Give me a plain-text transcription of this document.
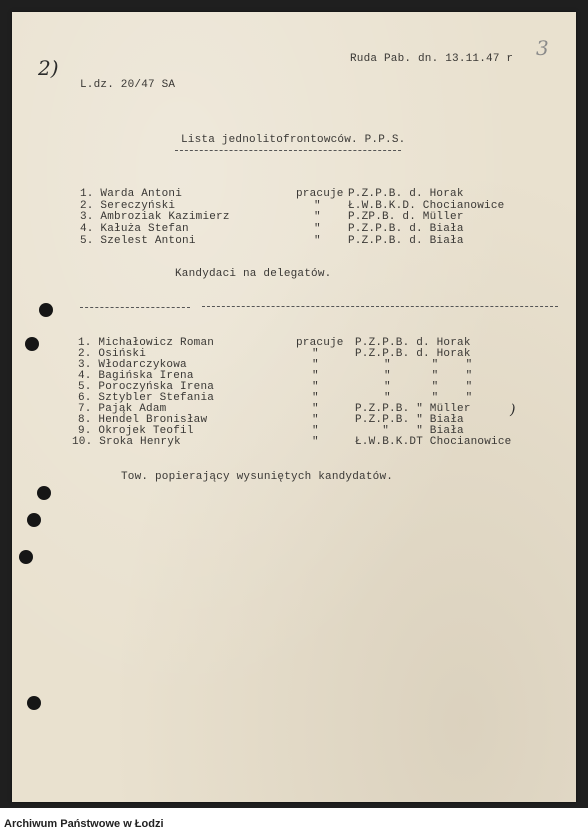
2)
3
Ruda Pab. dn. 13.11.47 r
L.dz. 20/47 SA
Lista jednolitofrontowców. P.P.S.
1. Warda Antoni	pracuje P.Z.P.B. d. Horak
2. Sereczyński	" Ł.W.B.K.D. Chocianowice
3. Ambroziak Kazimierz	" P.ZP.B. d. Müller
4. Kałuża Stefan	" P.Z.P.B. d. Biała
5. Szelest Antoni	" P.Z.P.B. d. Biała
Kandydaci na delegatów.
1. Michałowicz Roman	pracuje P.Z.P.B. d. Horak
2. Osiński	"	P.Z.P.B. d. Horak
3. Włodarczykowa	"	"      "    "
4. Bagińska Irena	"	"      "    "
5. Poroczyńska Irena	"	"      "    "
6. Sztybler Stefania	"	"      "    "
7. Pająk Adam	"	P.Z.P.B. " Müller
8. Hendel Bronisław	"	P.Z.P.B. " Biała
9. Okrojek Teofil	"	"    " Biała
10. Sroka Henryk	"	Ł.W.B.K.DT Chocianowice
)
Tow. popierający wysuniętych kandydatów.
Archiwum Państwowe w Łodzi
